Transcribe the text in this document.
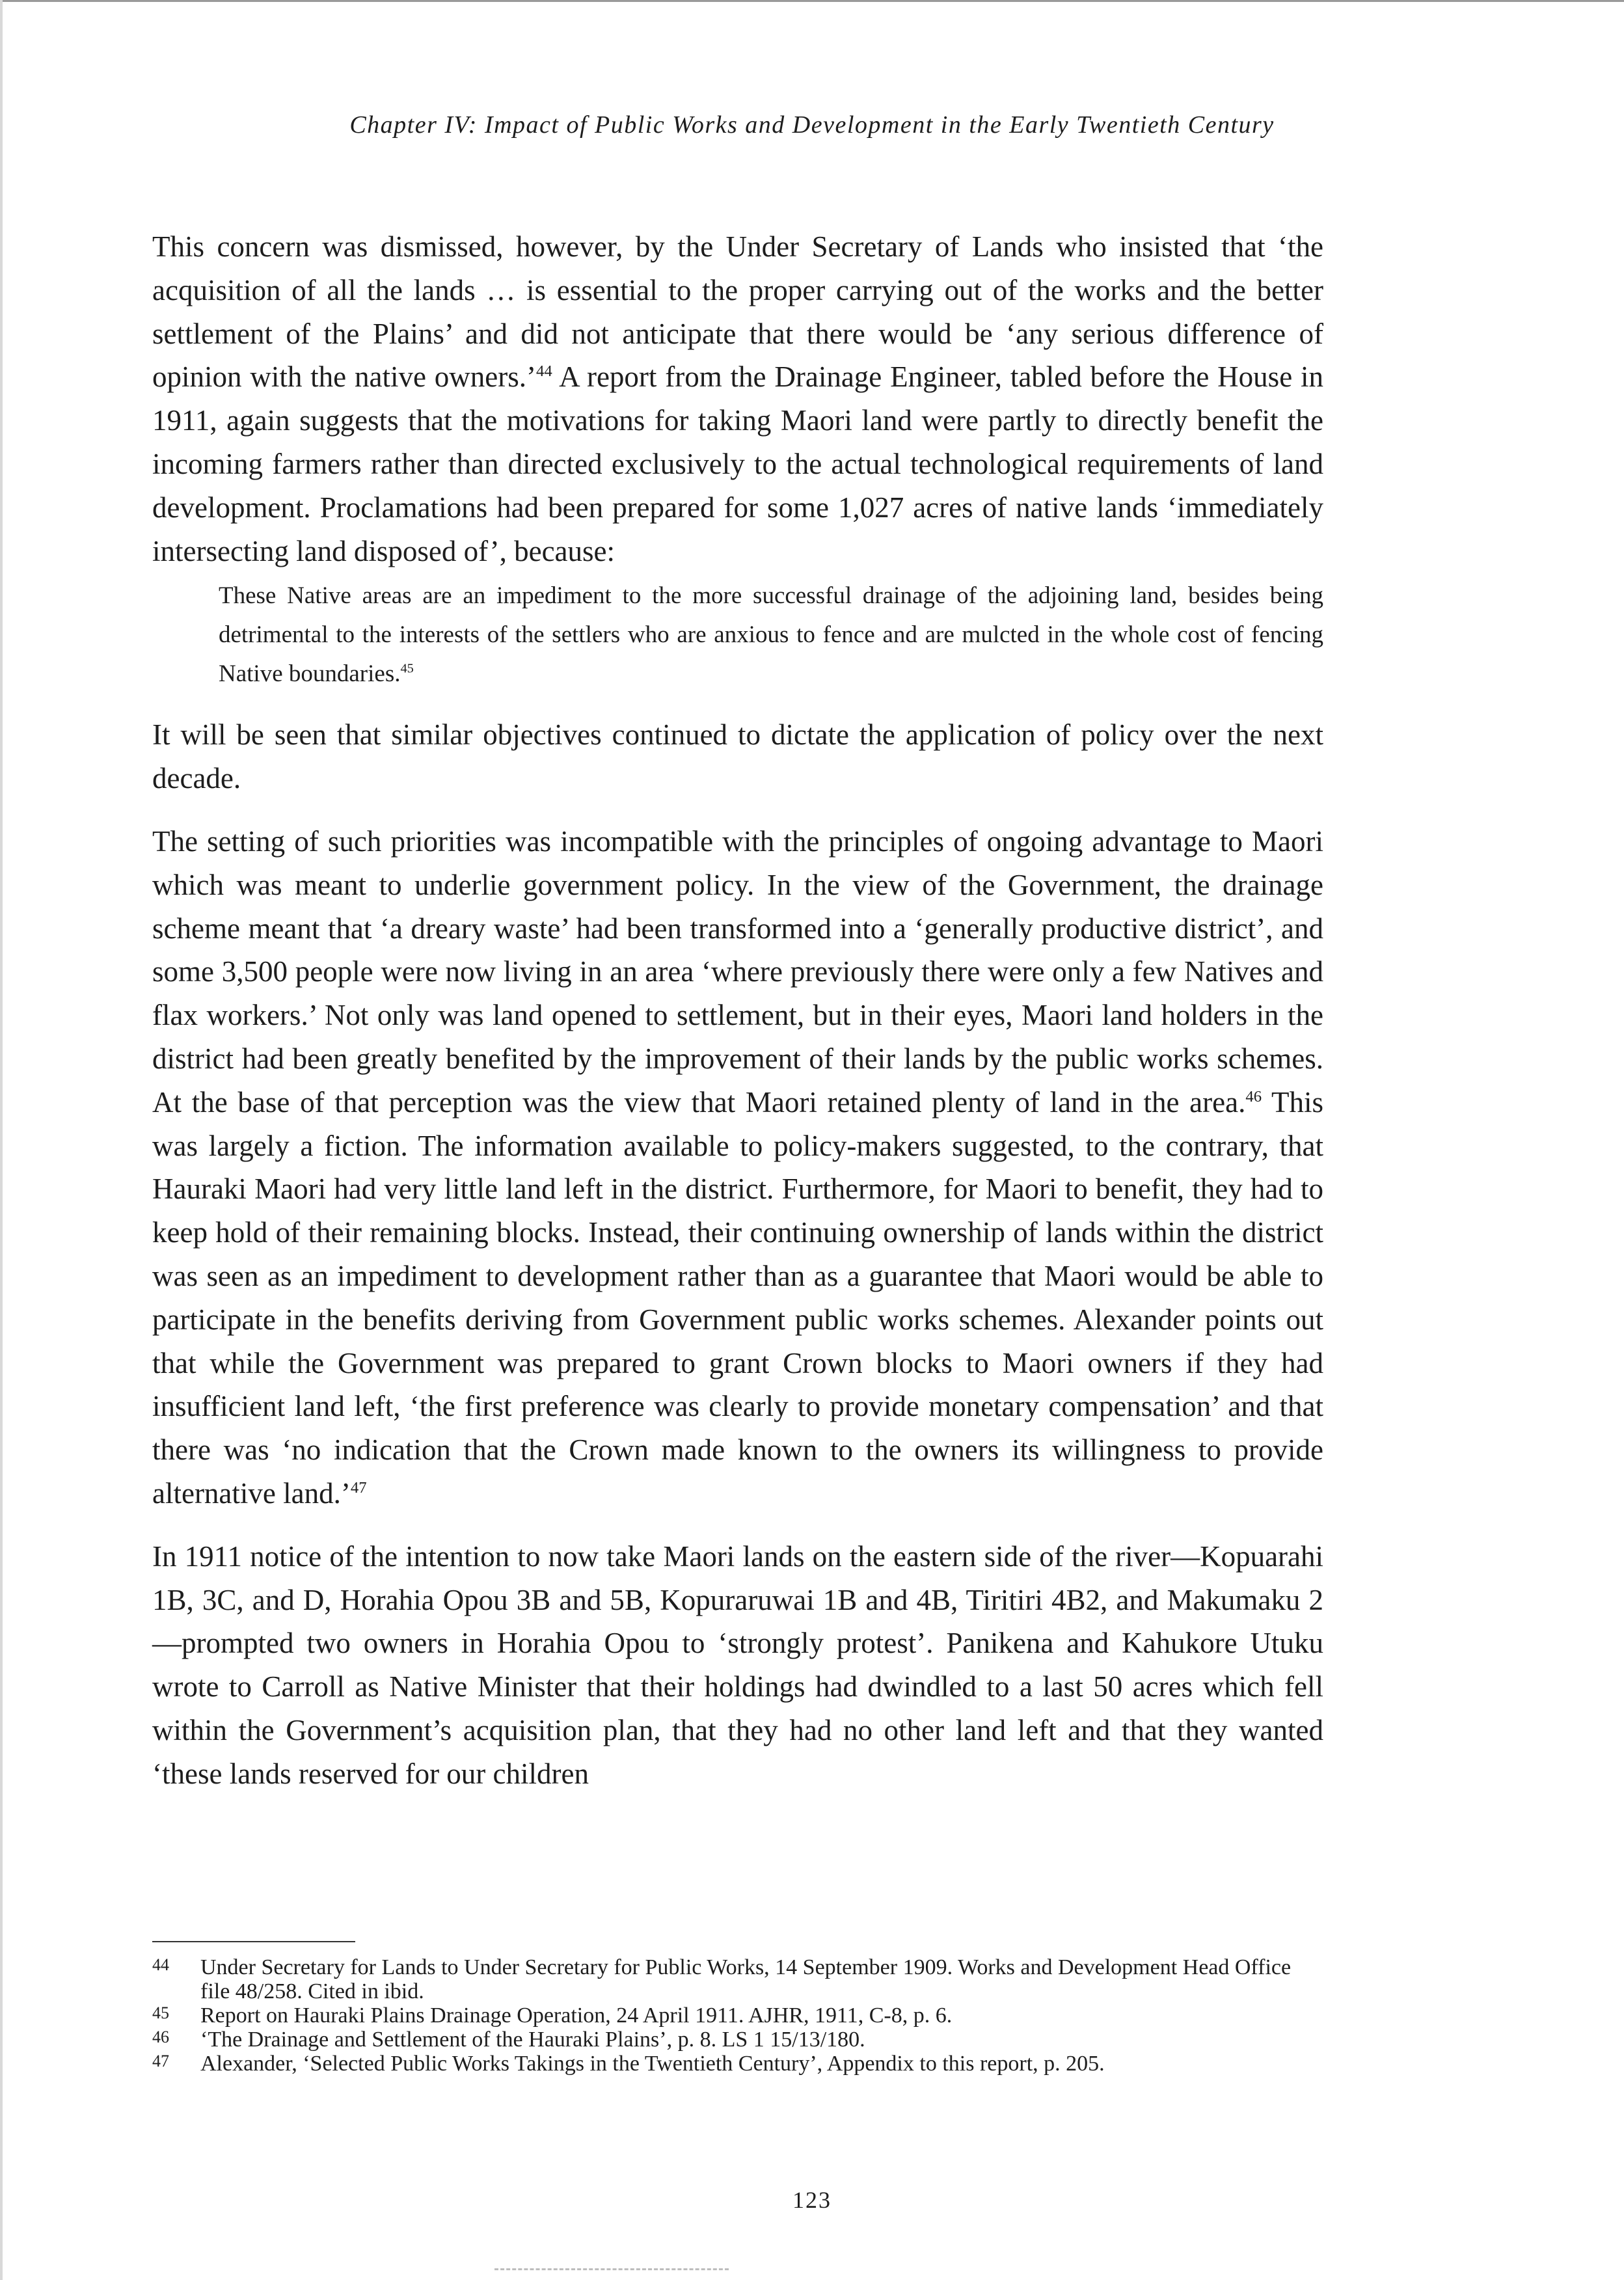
Chapter IV: Impact of Public Works and Development in the Early Twentieth Century

This concern was dismissed, however, by the Under Secretary of Lands who insisted that ‘the acquisition of all the lands … is essential to the proper carrying out of the works and the better settlement of the Plains’ and did not anticipate that there would be ‘any serious difference of opinion with the native owners.’$^{44}$ A report from the Drainage Engineer, tabled before the House in 1911, again suggests that the motivations for taking Maori land were partly to directly benefit the incoming farmers rather than directed exclusively to the actual technological requirements of land development. Proclamations had been prepared for some 1,027 acres of native lands ‘immediately intersecting land disposed of’, because:

These Native areas are an impediment to the more successful drainage of the adjoining land, besides being detrimental to the interests of the settlers who are anxious to fence and are mulcted in the whole cost of fencing Native boundaries.$^{45}$

It will be seen that similar objectives continued to dictate the application of policy over the next decade.

The setting of such priorities was incompatible with the principles of ongoing advantage to Maori which was meant to underlie government policy. In the view of the Government, the drainage scheme meant that ‘a dreary waste’ had been transformed into a ‘generally productive district’, and some 3,500 people were now living in an area ‘where previously there were only a few Natives and flax workers.’ Not only was land opened to settlement, but in their eyes, Maori land holders in the district had been greatly benefited by the improvement of their lands by the public works schemes. At the base of that perception was the view that Maori retained plenty of land in the area.$^{46}$ This was largely a fiction. The information available to policy-makers suggested, to the contrary, that Hauraki Maori had very little land left in the district. Furthermore, for Maori to benefit, they had to keep hold of their remaining blocks. Instead, their continuing ownership of lands within the district was seen as an impediment to development rather than as a guarantee that Maori would be able to participate in the benefits deriving from Government public works schemes. Alexander points out that while the Government was prepared to grant Crown blocks to Maori owners if they had insufficient land left, ‘the first preference was clearly to provide monetary compensation’ and that there was ‘no indication that the Crown made known to the owners its willingness to provide alternative land.’$^{47}$

In 1911 notice of the intention to now take Maori lands on the eastern side of the river—Kopuarahi 1B, 3C, and D, Horahia Opou 3B and 5B, Kopuraruwai 1B and 4B, Tiritiri 4B2, and Makumaku 2—prompted two owners in Horahia Opou to ‘strongly protest’. Panikena and Kahukore Utuku wrote to Carroll as Native Minister that their holdings had dwindled to a last 50 acres which fell within the Government’s acquisition plan, that they had no other land left and that they wanted ‘these lands reserved for our children

44	Under Secretary for Lands to Under Secretary for Public Works, 14 September 1909. Works and Development Head Office file 48/258. Cited in ibid.
45	Report on Hauraki Plains Drainage Operation, 24 April 1911. AJHR, 1911, C-8, p. 6.
46	‘The Drainage and Settlement of the Hauraki Plains’, p. 8. LS 1 15/13/180.
47	Alexander, ‘Selected Public Works Takings in the Twentieth Century’, Appendix to this report, p. 205.
123
